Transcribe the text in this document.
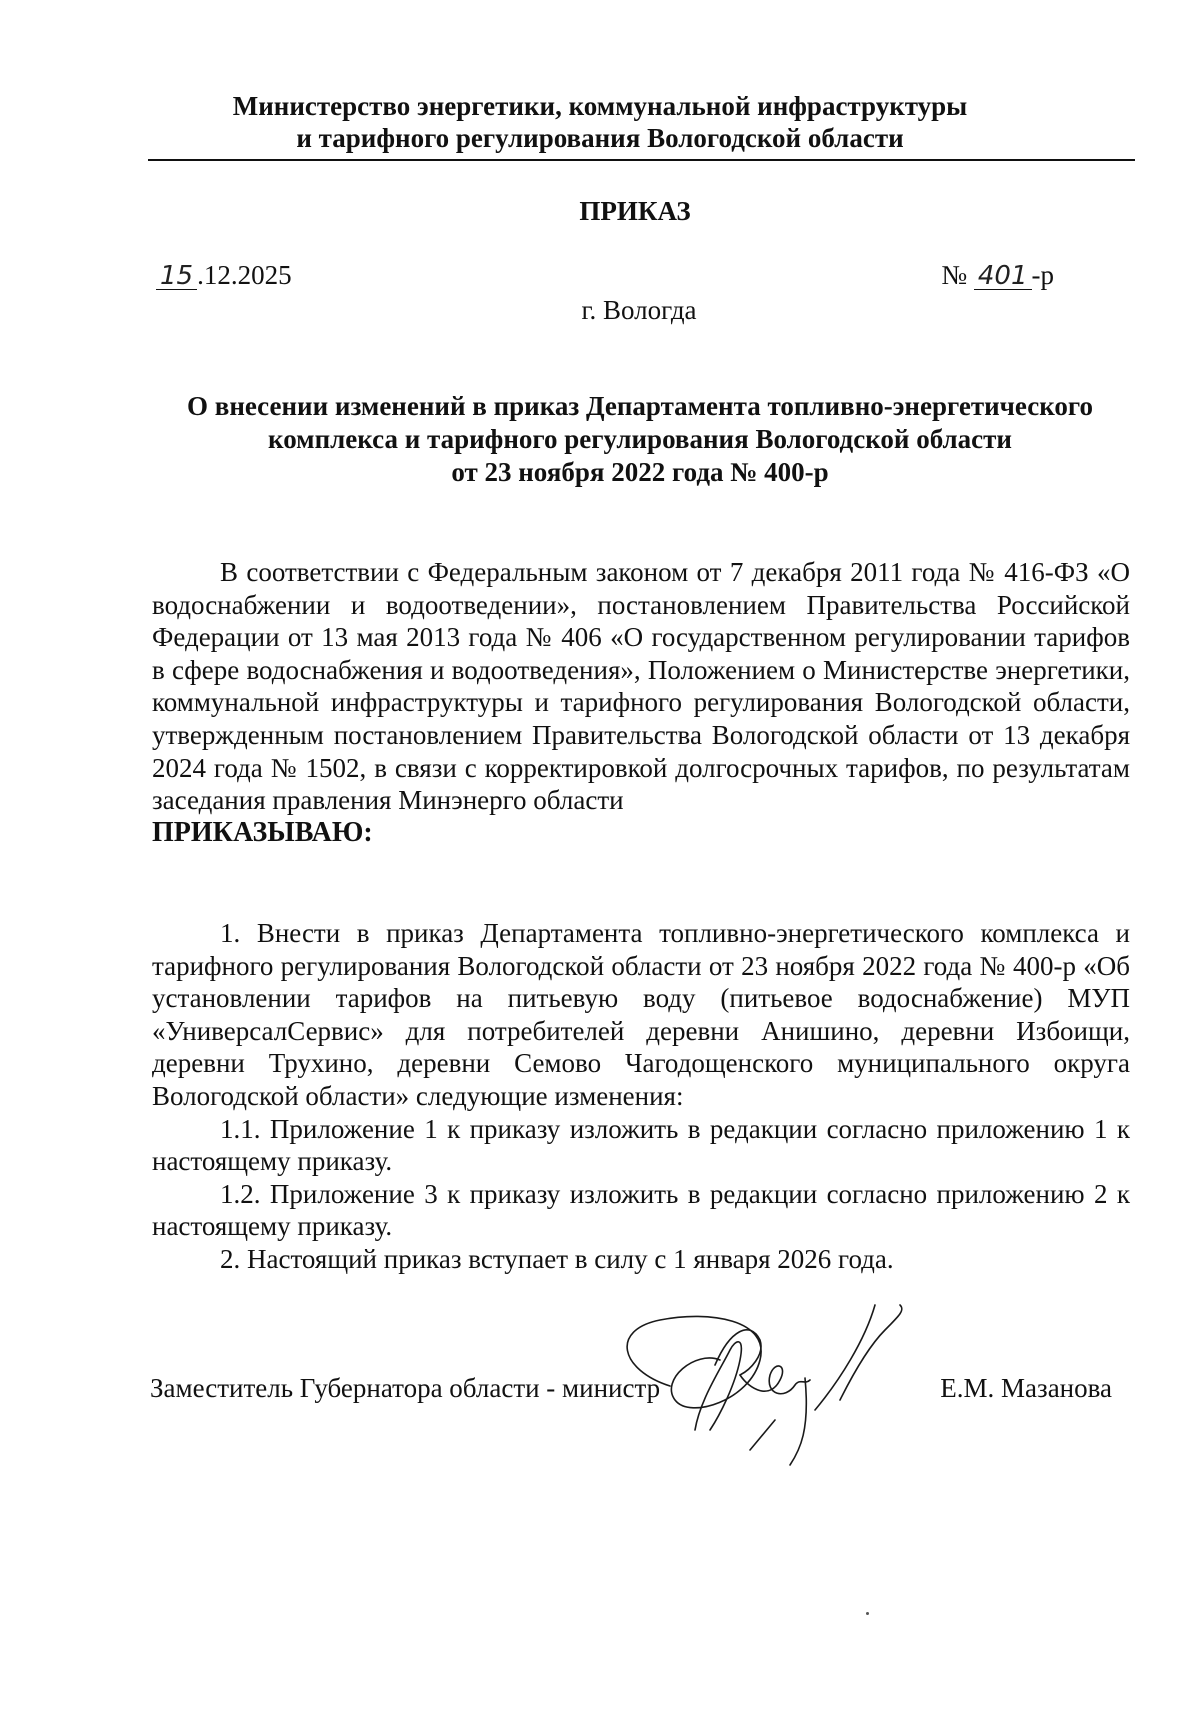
Министерство энергетики, коммунальной инфраструктуры
и тарифного регулирования Вологодской области
ПРИКАЗ
15 .12.2025	№ 401 -р
г. Вологда
О внесении изменений в приказ Департамента топливно-энергетического
комплекса и тарифного регулирования Вологодской области
от 23 ноября 2022 года № 400-р

В соответствии с Федеральным законом от 7 декабря 2011 года № 416-ФЗ «О водоснабжении и водоотведении», постановлением Правительства Российской Федерации от 13 мая 2013 года № 406 «О государственном регулировании тарифов в сфере водоснабжения и водоотведения», Положением о Министерстве энергетики, коммунальной инфраструктуры и тарифного регулирования Вологодской области, утвержденным постановлением Правительства Вологодской области от 13 декабря 2024 года № 1502, в связи с корректировкой долгосрочных тарифов, по результатам заседания правления Минэнерго области

ПРИКАЗЫВАЮ:

1. Внести в приказ Департамента топливно-энергетического комплекса и тарифного регулирования Вологодской области от 23 ноября 2022 года № 400-р «Об установлении тарифов на питьевую воду (питьевое водоснабжение) МУП «УниверсалСервис» для потребителей деревни Анишино, деревни Избоищи, деревни Трухино, деревни Семово Чагодощенского муниципального округа Вологодской области» следующие изменения:

1.1. Приложение 1 к приказу изложить в редакции согласно приложению 1 к настоящему приказу.

1.2. Приложение 3 к приказу изложить в редакции согласно приложению 2 к настоящему приказу.

2. Настоящий приказ вступает в силу с 1 января 2026 года.

Заместитель Губернатора области - министр	Е.М. Мазанова
